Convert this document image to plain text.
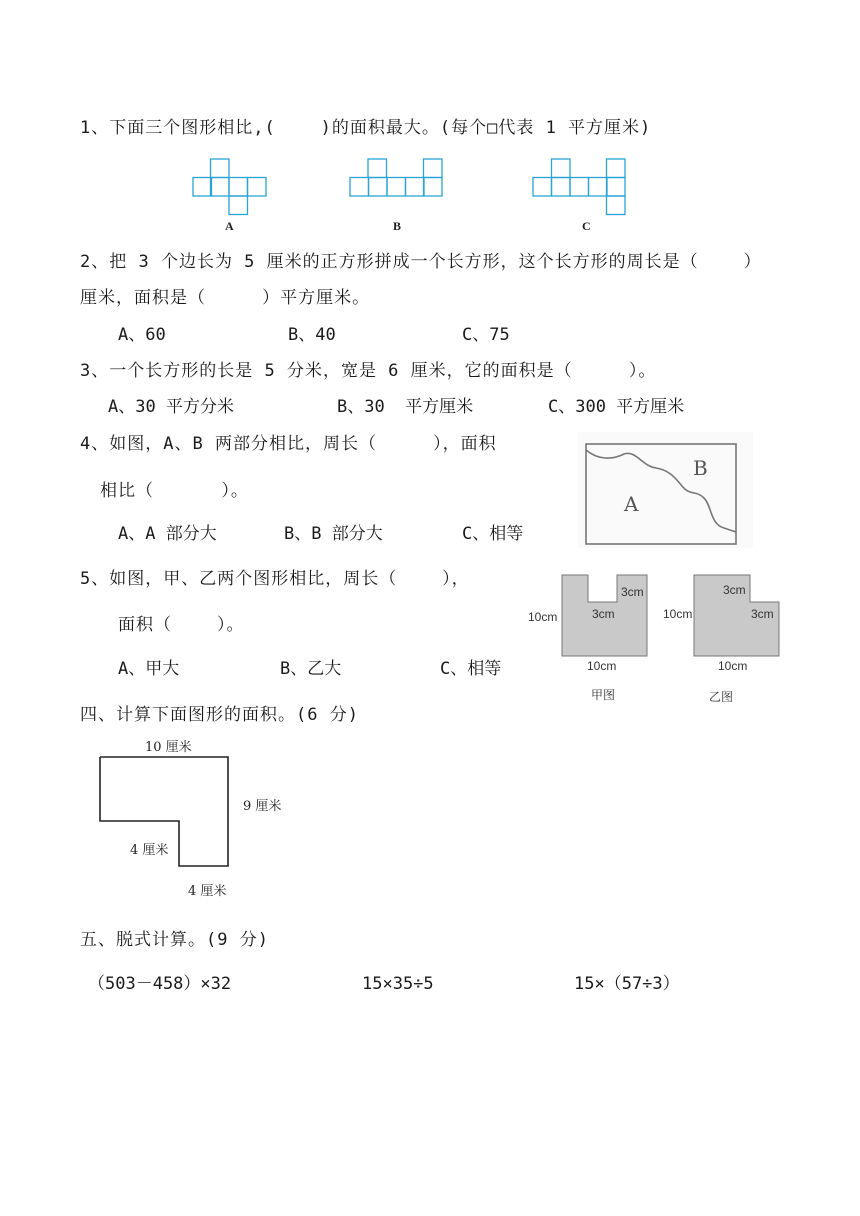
1、下面三个图形相比,(    )的面积最大。(每个□代表 1 平方厘米)
A	B	C
2、把 3 个边长为 5 厘米的正方形拼成一个长方形，这个长方形的周长是（    ）
厘米，面积是（     ）平方厘米。
A、60	B、40	C、75
3、一个长方形的长是 5 分米，宽是 6 厘米，它的面积是（     ）。
A、30 平方分米	B、30  平方厘米	C、300 平方厘米
4、如图，A、B 两部分相比，周长（     ），面积
相比（      ）。
A、A 部分大	B、B 部分大	C、相等
B
A
5、如图，甲、乙两个图形相比，周长（    ），
面积（    ）。
A、甲大	B、乙大	C、相等
10cm
3cm
3cm
10cm
甲图
10cm
3cm
3cm
10cm
乙图
四、计算下面图形的面积。(6 分)
10 厘米
9 厘米
4 厘米
4 厘米
五、脱式计算。(9 分)
（503－458）×32	15×35÷5	15×（57÷3）
